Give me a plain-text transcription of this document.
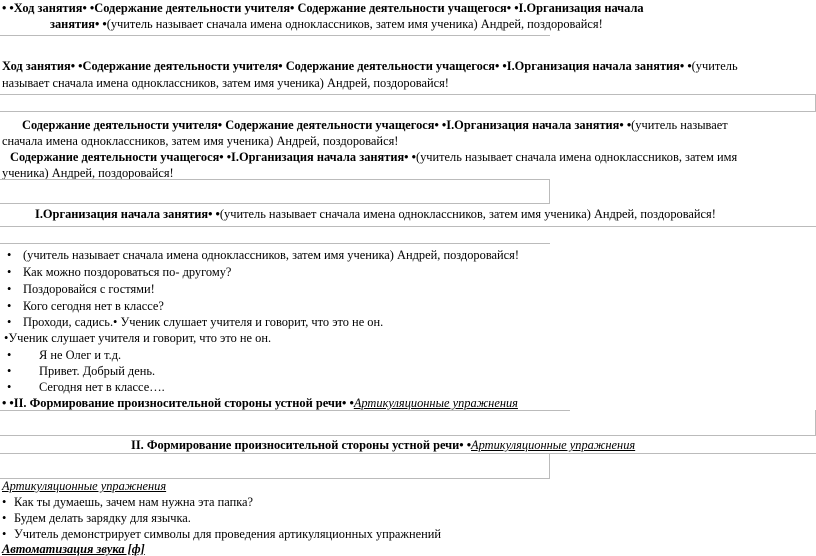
• •Ход занятия• •Содержание деятельности учителя• Содержание деятельности учащегося• •I.Организация начала
занятия• •(учитель называет сначала имена одноклассников, затем имя ученика) Андрей, поздоровайся!
Ход занятия• •Содержание деятельности учителя• Содержание деятельности учащегося• •I.Организация начала занятия• •(учитель
называет сначала имена одноклассников, затем имя ученика) Андрей, поздоровайся!
Содержание деятельности учителя• Содержание деятельности учащегося• •I.Организация начала занятия• •(учитель называет
сначала имена одноклассников, затем имя ученика) Андрей, поздоровайся!
Содержание деятельности учащегося• •I.Организация начала занятия• •(учитель называет сначала имена одноклассников, затем имя
ученика) Андрей, поздоровайся!
I.Организация начала занятия• •(учитель называет сначала имена одноклассников, затем имя ученика) Андрей, поздоровайся!
• (учитель называет сначала имена одноклассников, затем имя ученика) Андрей, поздоровайся!
• Как можно поздороваться по- другому?
• Поздоровайся с гостями!
• Кого сегодня нет в классе?
• Проходи, садись.• Ученик слушает учителя и говорит, что это не он.
•Ученик слушает учителя и говорит, что это не он.
• Я не Олег и т.д.
• Привет. Добрый день.
• Сегодня нет в классе….
• •II. Формирование произносительной стороны устной речи• •Артикуляционные упражнения
II. Формирование произносительной стороны устной речи• •Артикуляционные упражнения
Артикуляционные упражнения
• Как ты думаешь, зачем нам нужна эта папка?
• Будем делать зарядку для язычка.
• Учитель демонстрирует символы для проведения артикуляционных упражнений
Автоматизация звука [ф]
